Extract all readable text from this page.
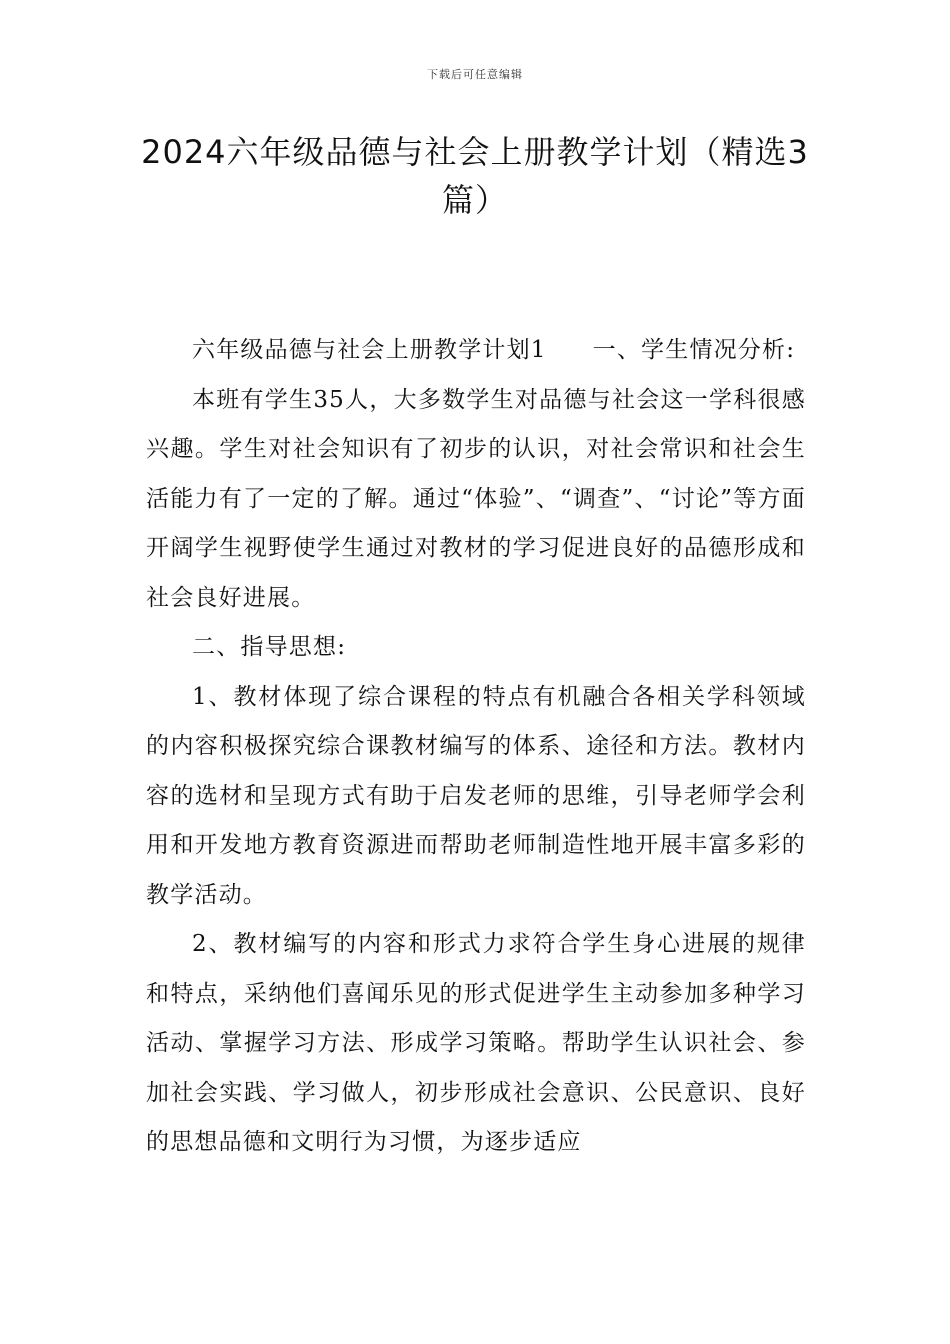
下载后可任意编辑
2024六年级品德与社会上册教学计划（精选3篇）

六年级品德与社会上册教学计划1 一、学生情况分析:

本班有学生35人，大多数学生对品德与社会这一学科很感兴趣。学生对社会知识有了初步的认识，对社会常识和社会生活能力有了一定的了解。通过“体验”、“调查”、“讨论”等方面开阔学生视野使学生通过对教材的学习促进良好的品德形成和社会良好进展。

二、指导思想:

1、教材体现了综合课程的特点有机融合各相关学科领域的内容积极探究综合课教材编写的体系、途径和方法。教材内容的选材和呈现方式有助于启发老师的思维，引导老师学会利用和开发地方教育资源进而帮助老师制造性地开展丰富多彩的教学活动。

2、教材编写的内容和形式力求符合学生身心进展的规律和特点，采纳他们喜闻乐见的形式促进学生主动参加多种学习活动、掌握学习方法、形成学习策略。帮助学生认识社会、参加社会实践、学习做人，初步形成社会意识、公民意识、良好的思想品德和文明行为习惯，为逐步适应
